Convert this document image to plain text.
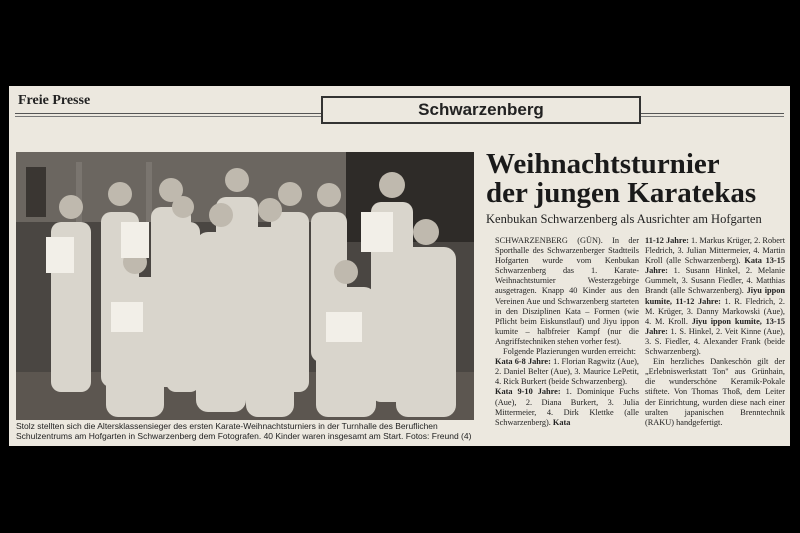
Freie Presse	Schwarzenberg
Stolz stellten sich die Altersklassensieger des ersten Karate-Weihnachtsturniers in der Turnhalle des Beruflichen Schulzentrums am Hofgarten in Schwarzenberg dem Fotografen. 40 Kinder waren insgesamt am Start. Fotos: Freund (4)
Weihnachtsturnier
der jungen Karatekas
Kenbukan Schwarzenberg als Ausrichter am Hofgarten

SCHWARZENBERG (GÜN). In der Sporthalle des Schwarzenberger Stadtteils Hofgarten wurde vom Kenbukan Schwarzenberg das 1. Karate-Weihnachtsturnier Westerzgebirge ausgetragen. Knapp 40 Kinder aus den Vereinen Aue und Schwarzenberg starteten in den Disziplinen Kata – Formen (wie Pflicht beim Eiskunstlauf) und Jiyu ippon kumite – halbfreier Kampf (nur die Angriffstechniken stehen vorher fest).

Folgende Plazierungen wurden erreicht:

Kata 6-8 Jahre: 1. Florian Ragwitz (Aue), 2. Daniel Belter (Aue), 3. Maurice LePetit, 4. Rick Burkert (beide Schwarzenberg).

Kata 9-10 Jahre: 1. Dominique Fuchs (Aue), 2. Diana Burkert, 3. Julia Mittermeier, 4. Dirk Klettke (alle Schwarzenberg). Kata

11-12 Jahre: 1. Markus Krüger, 2. Robert Fledrich, 3. Julian Mittermeier, 4. Martin Kroll (alle Schwarzenberg). Kata 13-15 Jahre: 1. Susann Hinkel, 2. Melanie Gummelt, 3. Susann Fiedler, 4. Matthias Brandt (alle Schwarzenberg). Jiyu ippon kumite, 11-12 Jahre: 1. R. Fledrich, 2. M. Krüger, 3. Danny Markowski (Aue), 4. M. Kroll. Jiyu ippon kumite, 13-15 Jahre: 1. S. Hinkel, 2. Veit Kinne (Aue), 3. S. Fiedler, 4. Alexander Frank (beide Schwarzenberg).

Ein herzliches Dankeschön gilt der „Erlebniswerkstatt Ton" aus Grünhain, die wunderschöne Keramik-Pokale stiftete. Von Thomas Thoß, dem Leiter der Einrichtung, wurden diese nach einer uralten japanischen Brenntechnik (RAKU) handgefertigt.
